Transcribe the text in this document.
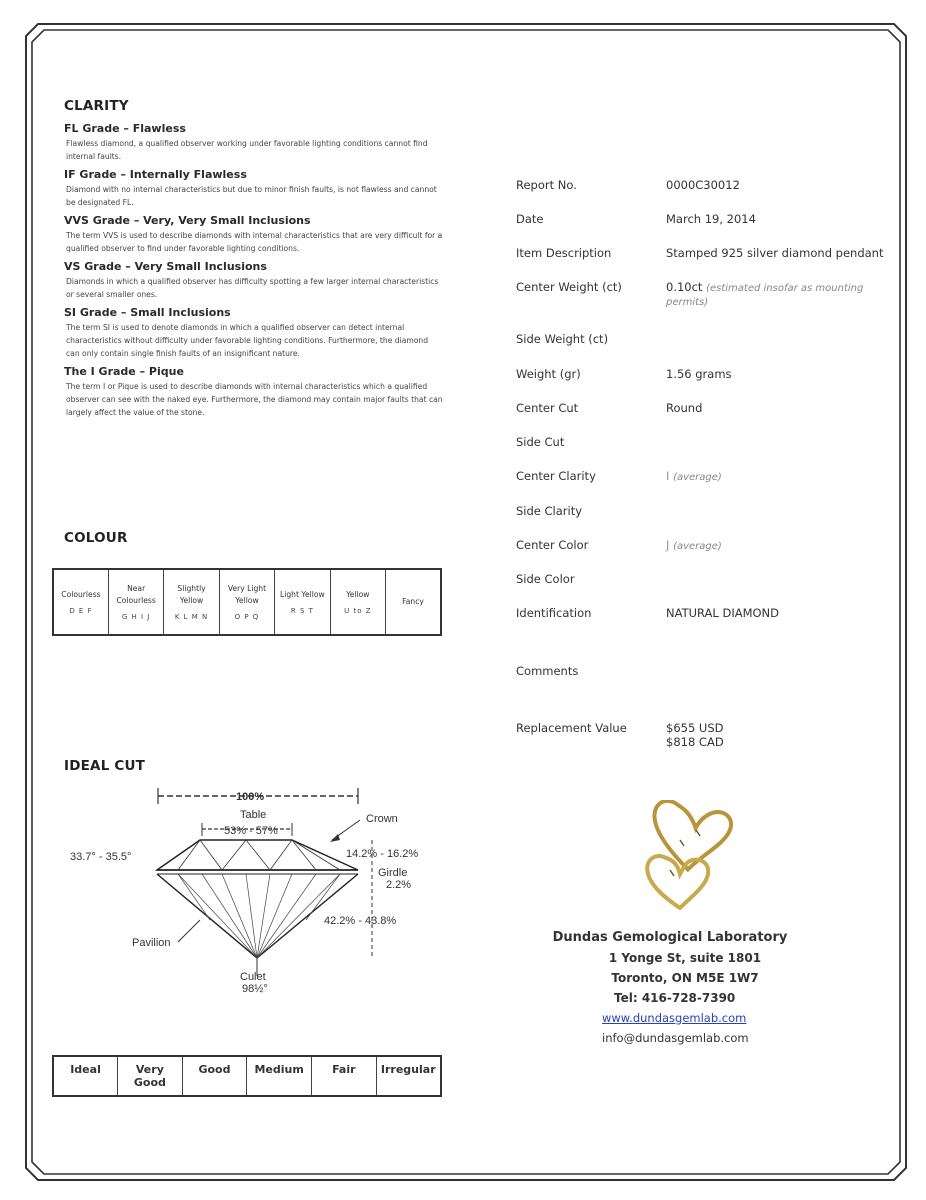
CLARITY
FL Grade – Flawless
Flawless diamond, a qualified observer working under favorable lighting conditions cannot find internal faults.
IF Grade – Internally Flawless
Diamond with no internal characteristics but due to minor finish faults, is not flawless and cannot be designated FL.
VVS Grade – Very, Very Small Inclusions
The term VVS is used to describe diamonds with internal characteristics that are very difficult for a qualified observer to find under favorable lighting conditions.
VS Grade – Very Small Inclusions
Diamonds in which a qualified observer has difficulty spotting a few larger internal characteristics or several smaller ones.
SI Grade – Small Inclusions
The term SI is used to denote diamonds in which a qualified observer can detect internal characteristics without difficulty under favorable lighting conditions. Furthermore, the diamond can only contain single finish faults of an insignificant nature.
The I Grade – Pique
The term I or Pique is used to describe diamonds with internal characteristics which a qualified observer can see with the naked eye. Furthermore, the diamond may contain major faults that can largely affect the value of the stone.
COLOUR
Colourless
D E F

Near Colourless
G H I J

Slightly Yellow
K L M N

Very Light Yellow
O P Q

Light Yellow
R S T

Yellow
U to Z

Fancy
IDEAL CUT
100%
Table
53% - 57%
Crown
33.7° - 35.5°	14.2% - 16.2%
Girdle
2.2%
42.2% - 43.8%
Pavilion
Culet
98½°
Ideal	Very Good	Good	Medium	Fair	Irregular
Report No.	0000C30012
Date	March 19, 2014
Item Description	Stamped 925 silver diamond pendant
Center Weight (ct)	0.10ct (estimated insofar as mounting permits)
Side Weight (ct)
Weight (gr)	1.56 grams
Center Cut	Round
Side Cut
Center Clarity	I (average)
Side Clarity
Center Color	J (average)
Side Color
Identification	NATURAL DIAMOND
Comments
Replacement Value	$655 USD
$818 CAD
Dundas Gemological Laboratory
1 Yonge St, suite 1801
Toronto, ON M5E 1W7
Tel: 416-728-7390
www.dundasgemlab.com
info@dundasgemlab.com
